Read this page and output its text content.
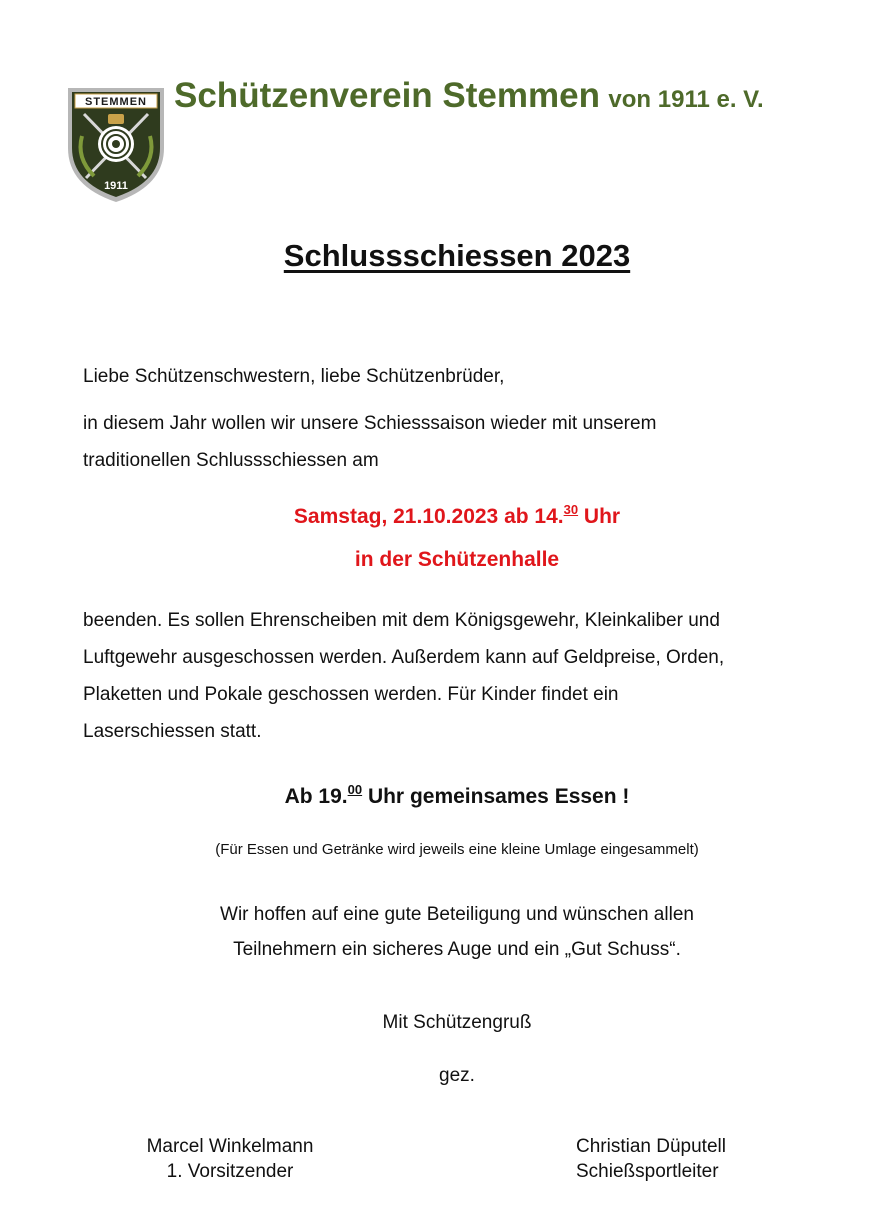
STEMMEN
1911
Schützenverein Stemmen von 1911 e. V.
Schlussschiessen 2023
Liebe Schützenschwestern, liebe Schützenbrüder,
in diesem Jahr wollen wir unsere Schiesssaison wieder mit unserem
traditionellen Schlussschiessen am
Samstag, 21.10.2023 ab 14.30 Uhr
in der Schützenhalle
beenden. Es sollen Ehrenscheiben mit dem Königsgewehr, Kleinkaliber und
Luftgewehr ausgeschossen werden. Außerdem kann auf Geldpreise, Orden,
Plaketten und Pokale geschossen werden. Für Kinder findet ein
Laserschiessen statt.
Ab 19.00 Uhr gemeinsames Essen !
(Für Essen und Getränke wird jeweils eine kleine Umlage eingesammelt)
Wir hoffen auf eine gute Beteiligung und wünschen allen
Teilnehmern ein sicheres Auge und ein „Gut Schuss“.
Mit Schützengruß
gez.
Marcel Winkelmann
1. Vorsitzender
Christian Düputell
Schießsportleiter
